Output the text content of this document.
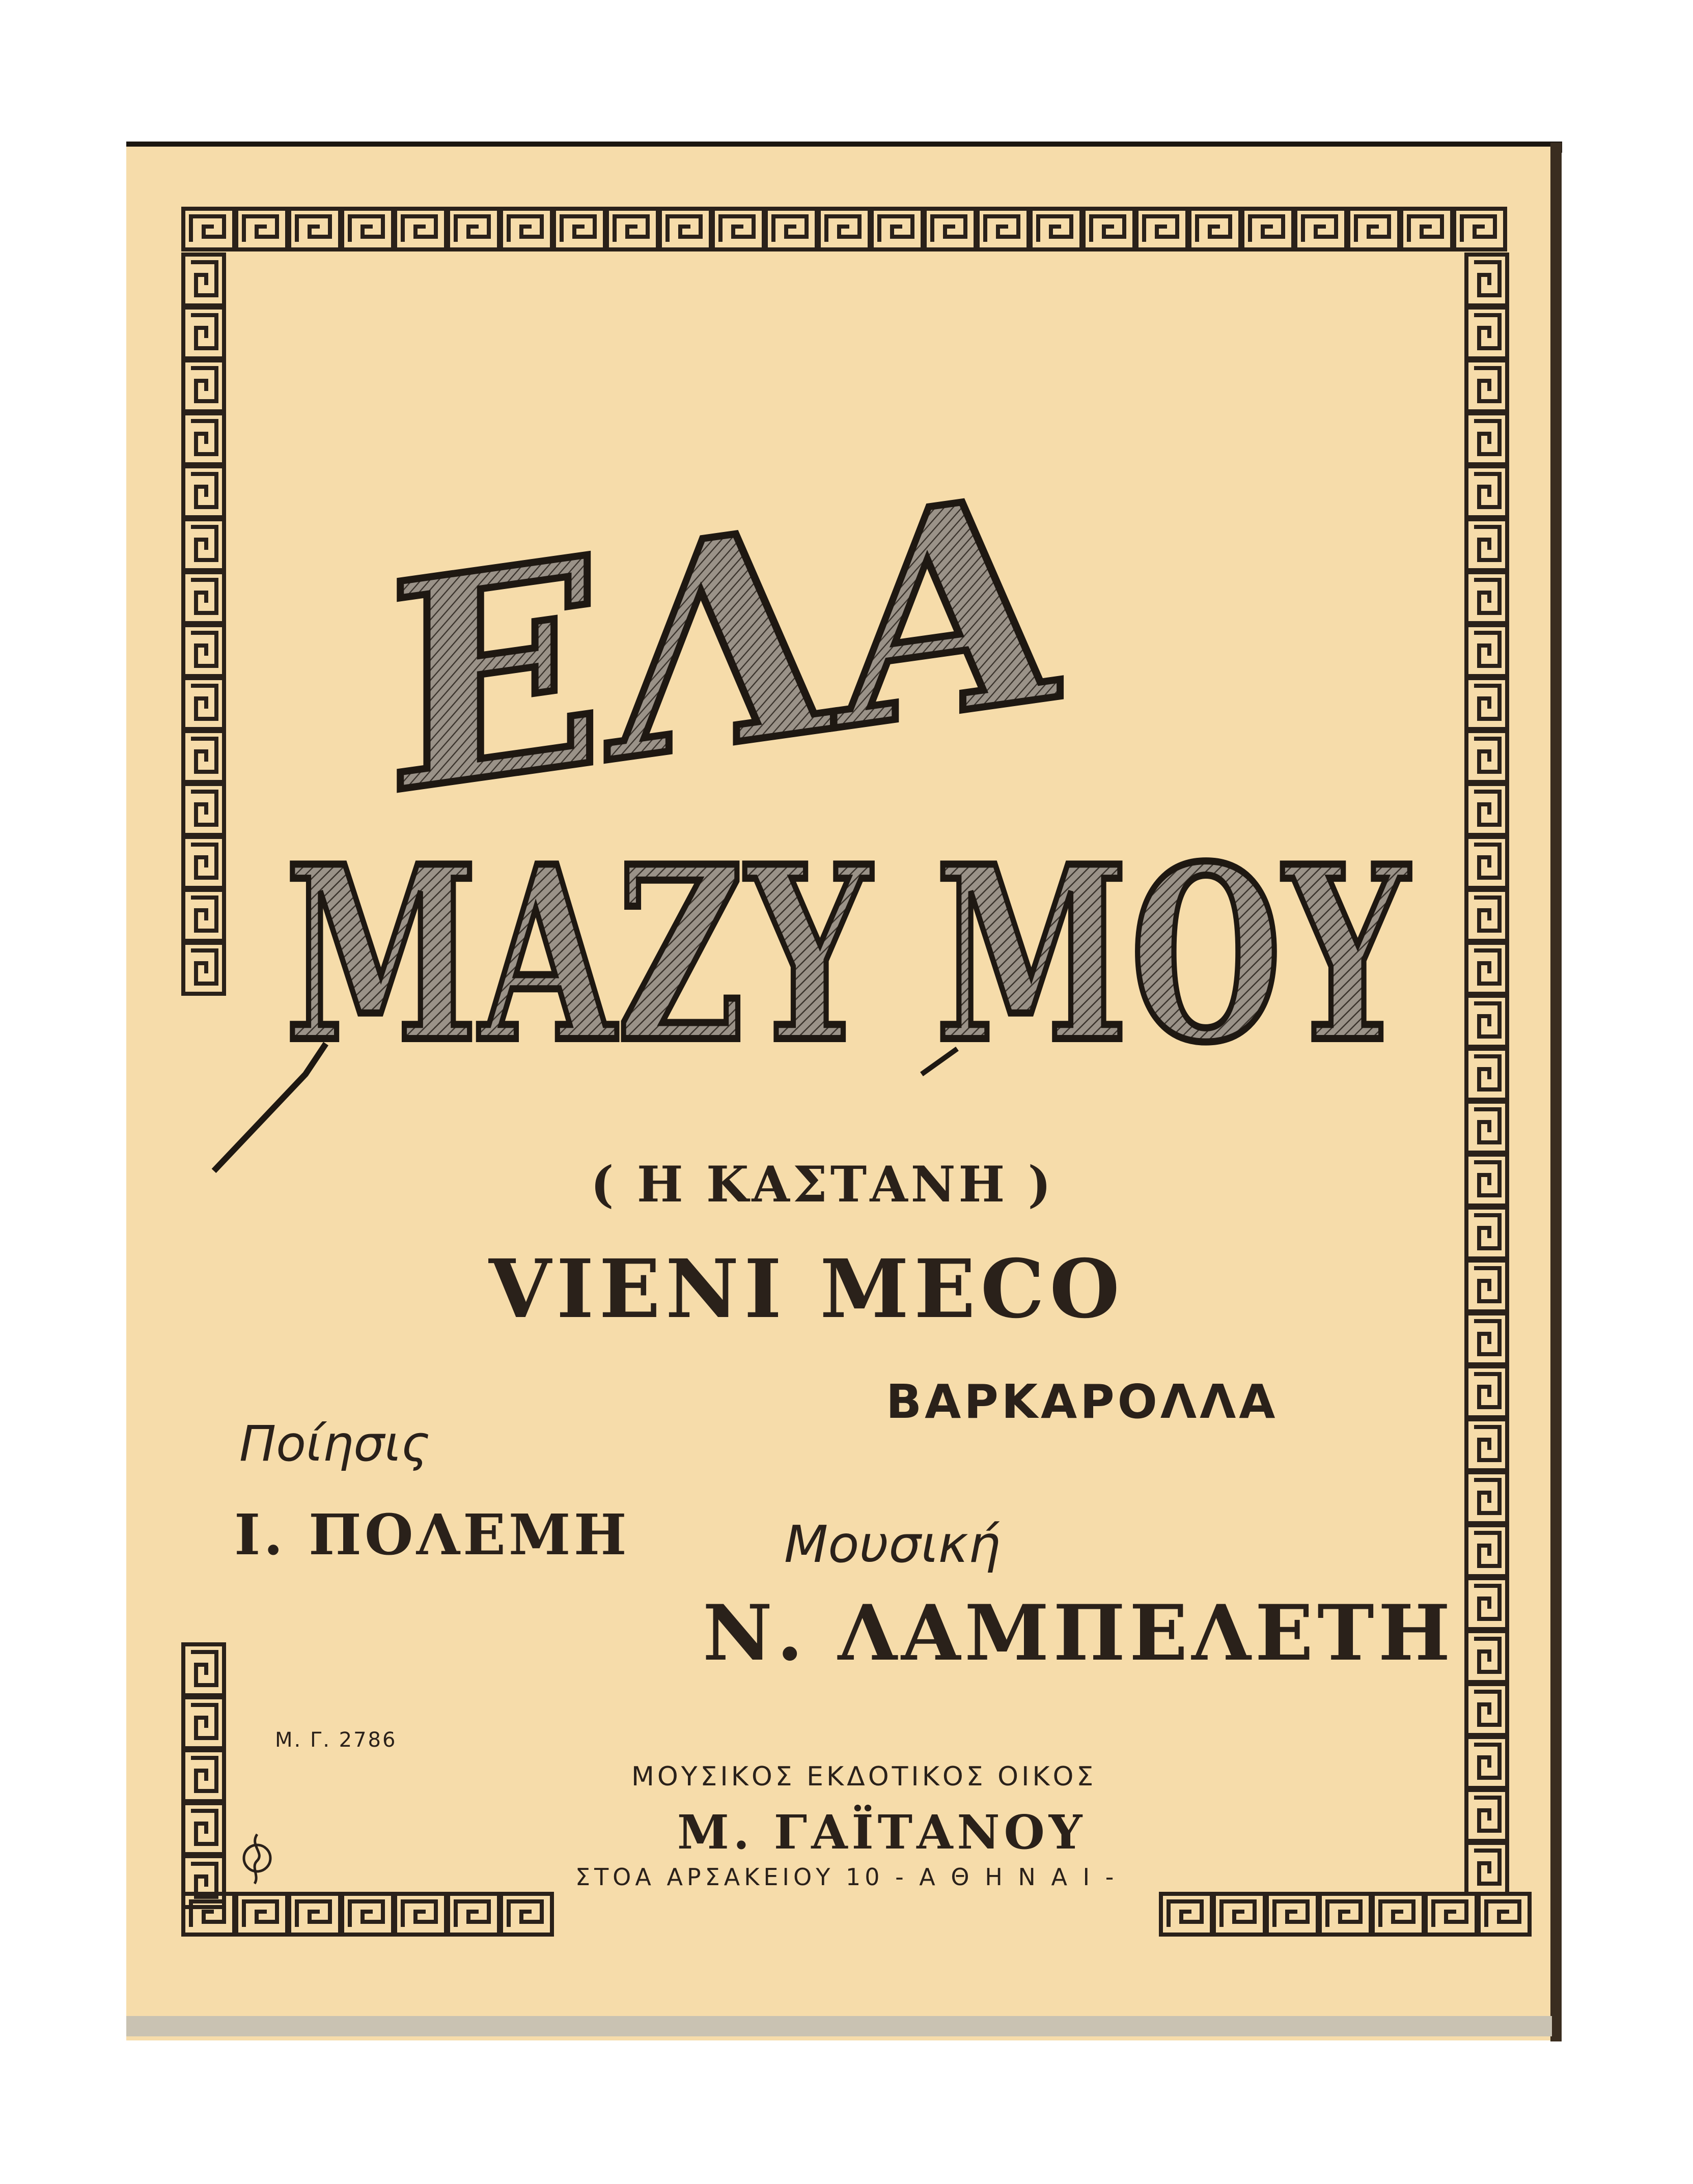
ΕΛΑ
ΜΑΖΥ ΜΟΥ
( Η ΚΑΣΤΑΝΗ )
VIENI MECO
ΒΑΡΚΑΡΟΛΛΑ
Ποίησις
Ι. ΠΟΛΕΜΗ	Μουσική
Ν. ΛΑΜΠΕΛΕΤΗ
Μ. Γ. 2786
ΜΟΥΣΙΚΟΣ ΕΚΔΟΤΙΚΟΣ ΟΙΚΟΣ
Μ. ΓΑΪΤΑΝΟΥ
ΣΤΟΑ ΑΡΣΑΚΕΙΟΥ 10 - Α Θ Η Ν Α Ι -
